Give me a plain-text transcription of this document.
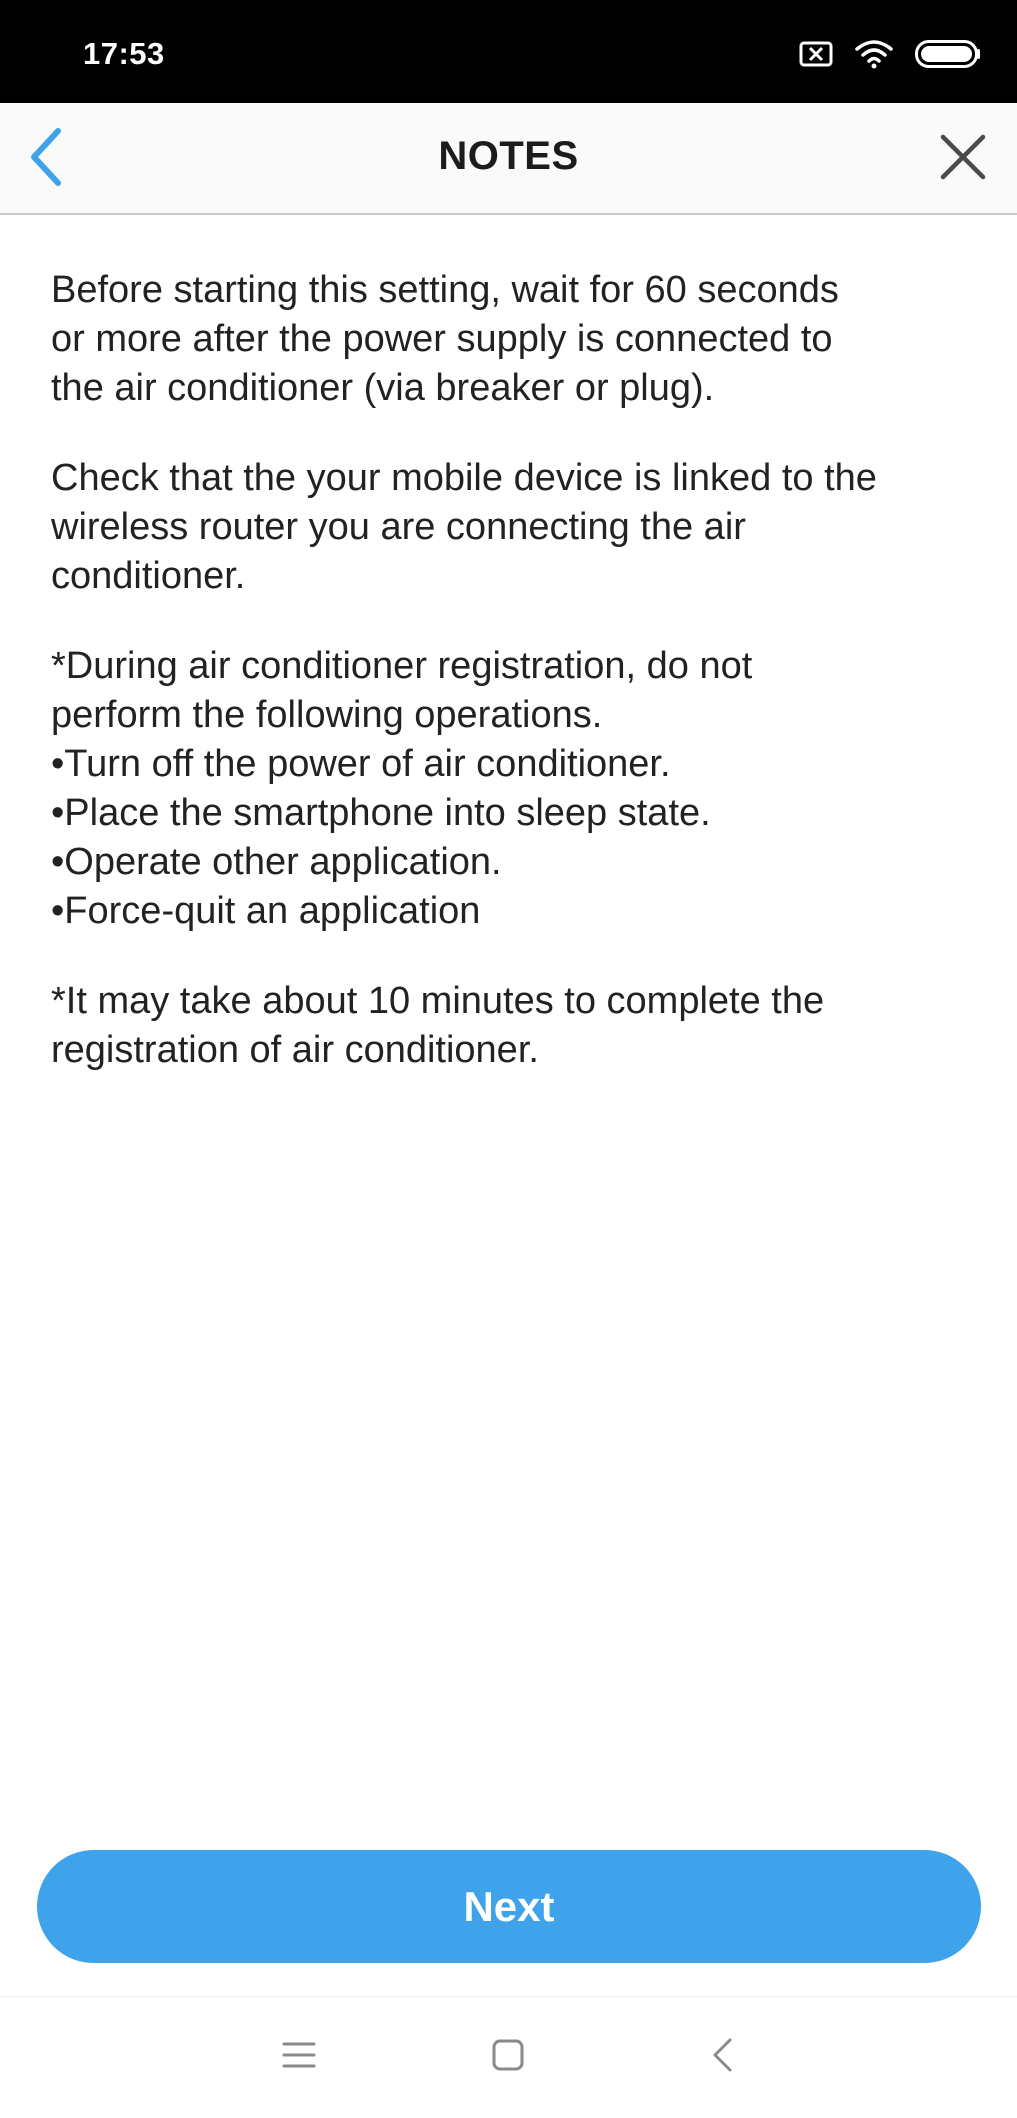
17:53
NOTES

Before starting this setting, wait for 60 seconds
or more after the power supply is connected to
the air conditioner (via breaker or plug).

Check that the your mobile device is linked to the
wireless router you are connecting the air
conditioner.

*During air conditioner registration, do not
perform the following operations.
•Turn off the power of air conditioner.
•Place the smartphone into sleep state.
•Operate other application.
•Force-quit an application

*It may take about 10 minutes to complete the
registration of air conditioner.

Next
